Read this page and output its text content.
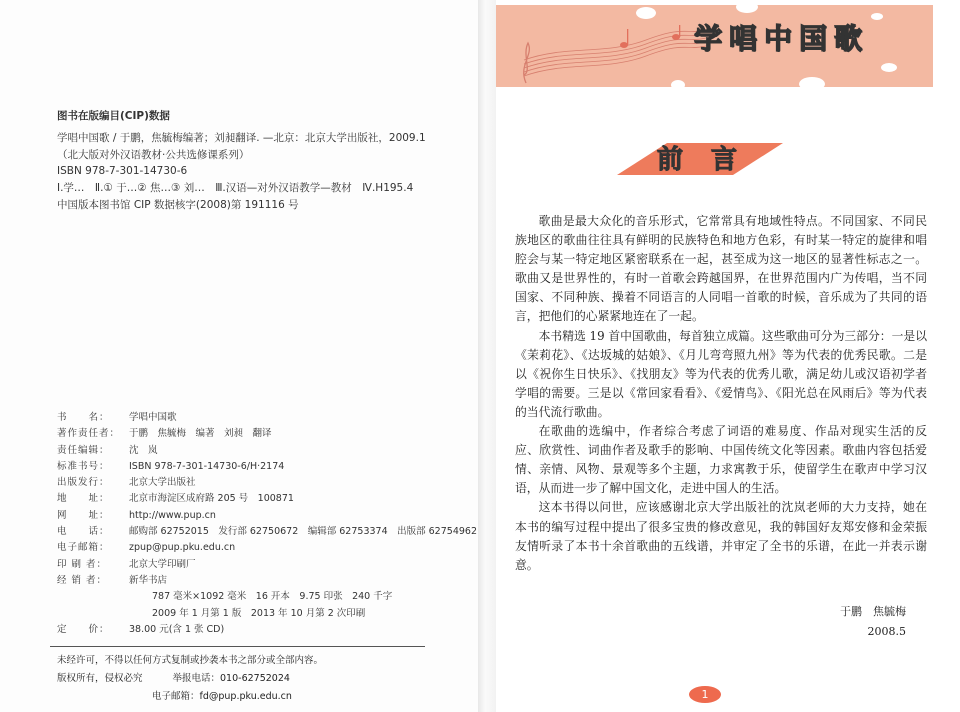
图书在版编目(CIP)数据
学唱中国歌 / 于鹏，焦毓梅编著；刘昶翻译. —北京：北京大学出版社，2009.1
（北大版对外汉语教材·公共选修课系列）
ISBN 978-7-301-14730-6
Ⅰ.学…　Ⅱ.① 于…② 焦…③ 刘…　Ⅲ.汉语—对外汉语教学—教材　Ⅳ.H195.4
中国版本图书馆 CIP 数据核字(2008)第 191116 号
书　　名：	学唱中国歌
著作责任者： 于鹏　焦毓梅　编著　刘昶　翻译
责任编辑：	沈　岚
标准书号：	ISBN 978-7-301-14730-6/H·2174
出版发行：	北京大学出版社
地　　址：	北京市海淀区成府路 205 号　100871
网　　址：	http://www.pup.cn
电　　话：	邮购部 62752015　发行部 62750672　编辑部 62753374　出版部 62754962
电子邮箱：	zpup@pup.pku.edu.cn
印 刷 者：	北京大学印刷厂
经 销 者：	新华书店
787 毫米×1092 毫米　16 开本　9.75 印张　240 千字
2009 年 1 月第 1 版　2013 年 10 月第 2 次印刷
定　　价：	38.00 元(含 1 张 CD)
未经许可，不得以任何方式复制或抄袭本书之部分或全部内容。
版权所有，侵权必究	举报电话：010-62752024
电子邮箱：fd@pup.pku.edu.cn
学唱中国歌
前言

歌曲是最大众化的音乐形式，它常常具有地域性特点。不同国家、不同民族地区的歌曲往往具有鲜明的民族特色和地方色彩，有时某一特定的旋律和唱腔会与某一特定地区紧密联系在一起，甚至成为这一地区的显著性标志之一。歌曲又是世界性的，有时一首歌会跨越国界，在世界范围内广为传唱，当不同国家、不同种族、操着不同语言的人同唱一首歌的时候，音乐成为了共同的语言，把他们的心紧紧地连在了一起。

本书精选 19 首中国歌曲，每首独立成篇。这些歌曲可分为三部分：一是以《茉莉花》、《达坂城的姑娘》、《月儿弯弯照九州》等为代表的优秀民歌。二是以《祝你生日快乐》、《找朋友》等为代表的优秀儿歌，满足幼儿或汉语初学者学唱的需要。三是以《常回家看看》、《爱情鸟》、《阳光总在风雨后》等为代表的当代流行歌曲。

在歌曲的选编中，作者综合考虑了词语的难易度、作品对现实生活的反应、欣赏性、词曲作者及歌手的影响、中国传统文化等因素。歌曲内容包括爱情、亲情、风物、景观等多个主题，力求寓教于乐，使留学生在歌声中学习汉语，从而进一步了解中国文化，走进中国人的生活。

这本书得以问世，应该感谢北京大学出版社的沈岚老师的大力支持，她在本书的编写过程中提出了很多宝贵的修改意见，我的韩国好友郑安修和金荣振友情听录了本书十余首歌曲的五线谱，并审定了全书的乐谱，在此一并表示谢意。

于鹏　焦毓梅
2008.5
1
